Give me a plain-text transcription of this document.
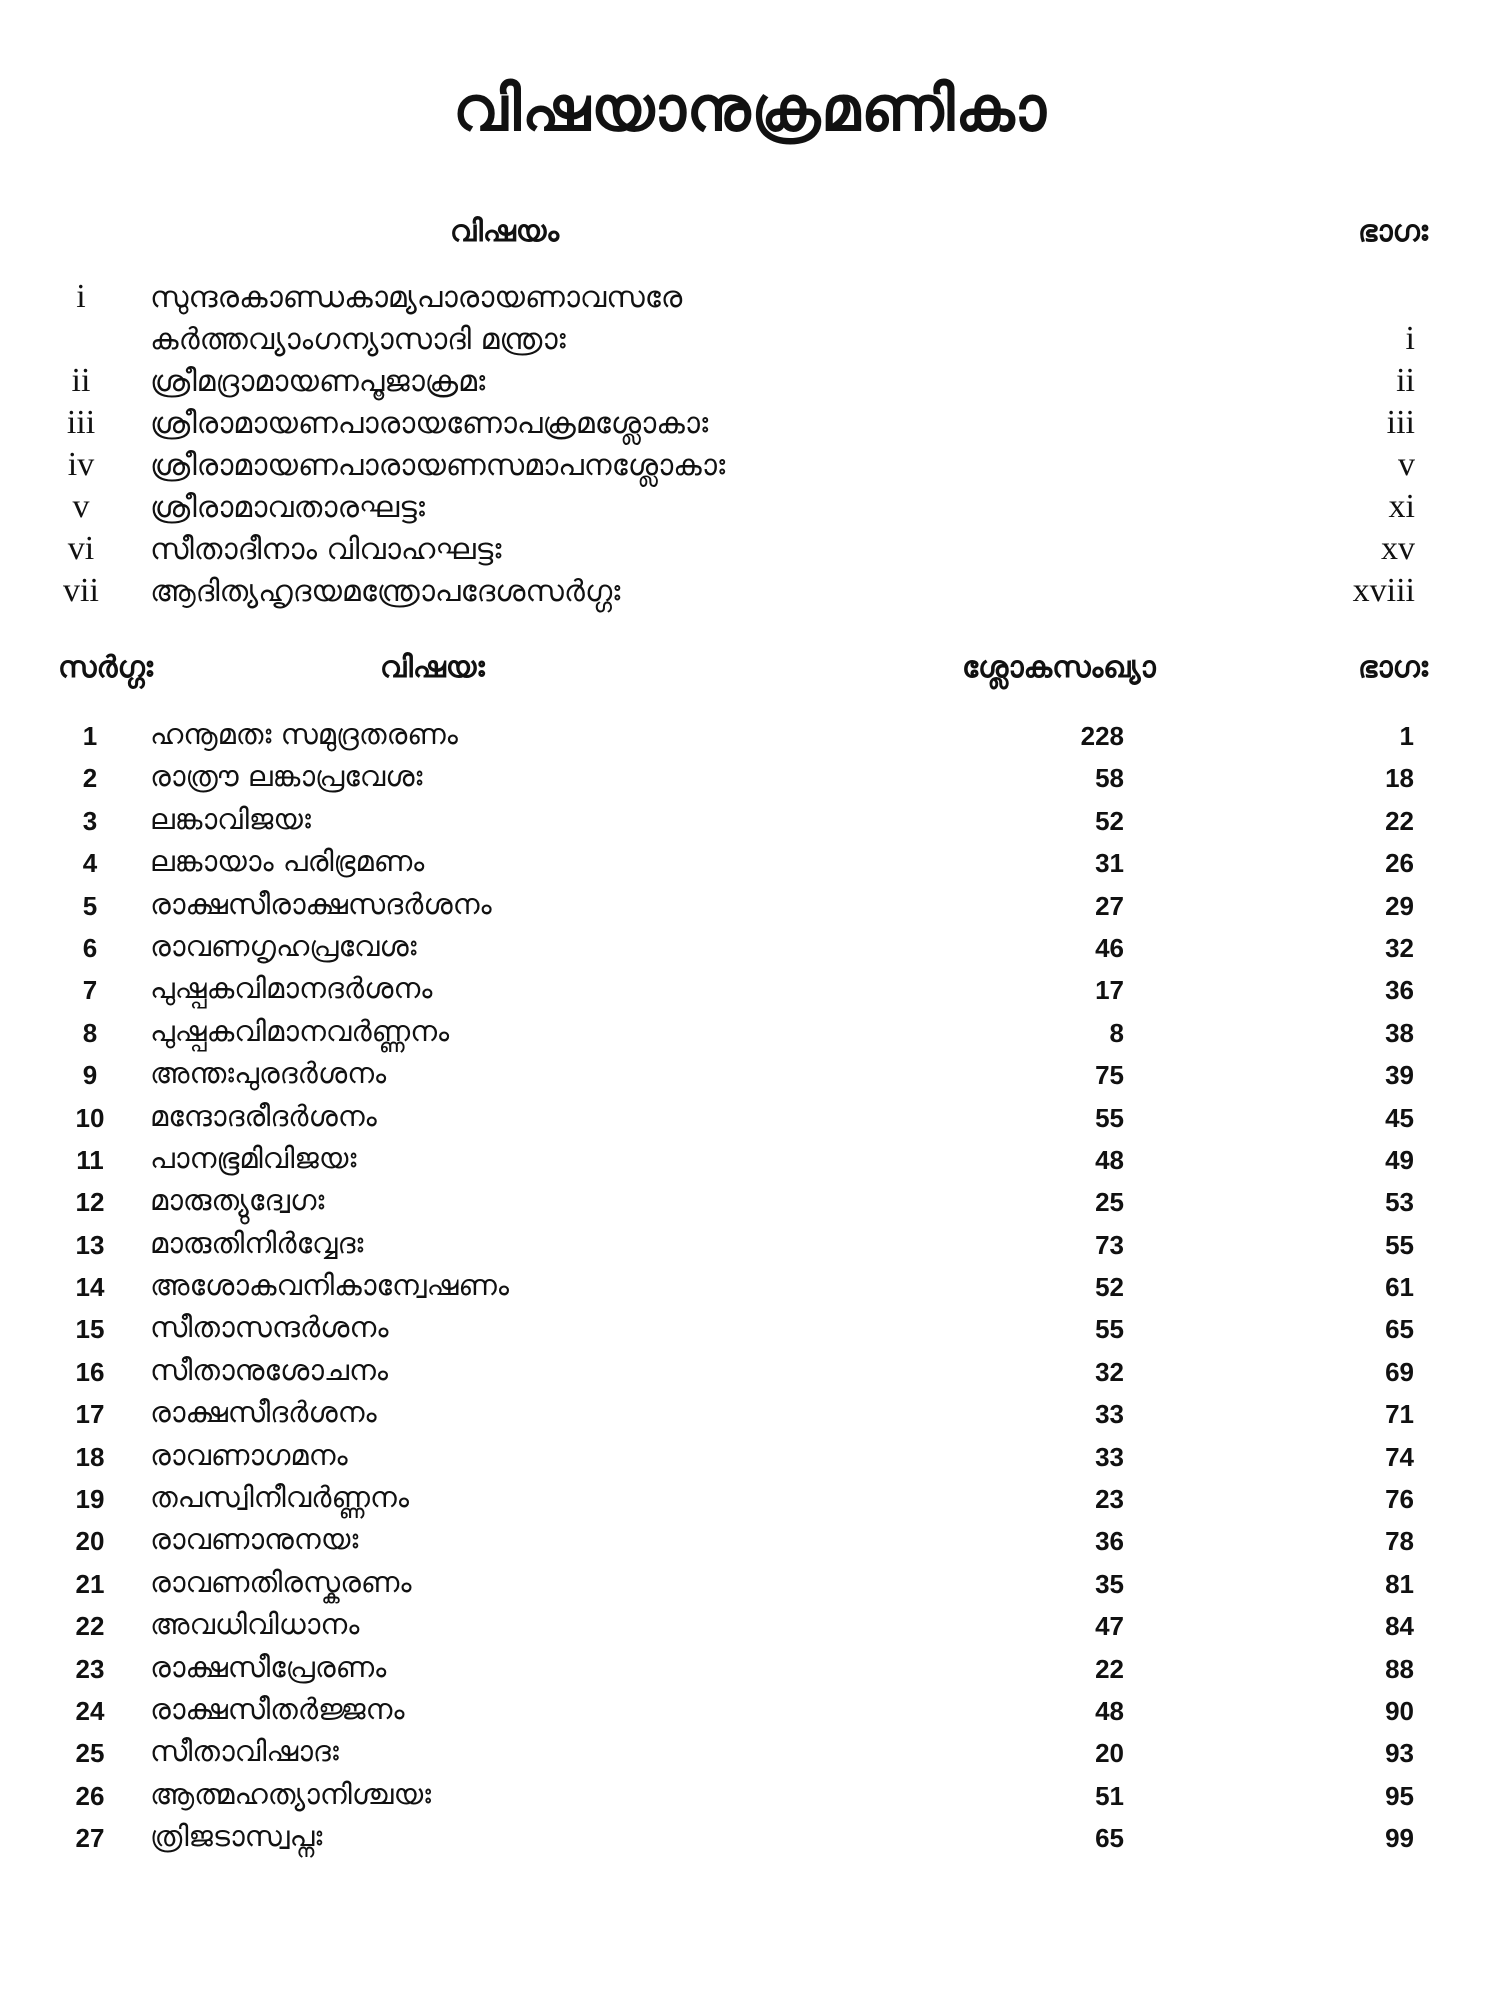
വിഷയാനുക്രമണികാ
വിഷയം	ഭാഗഃ
i	സുന്ദരകാണ്ഡകാമ്യപാരായണാവസരേ
കർത്തവ്യാംഗന്യാസാദി മന്ത്രാഃ	i
ii	ശ്രീമദ്രാമായണപൂജാക്രമഃ	ii
iii	ശ്രീരാമായണപാരായണോപക്രമശ്ലോകാഃ	iii
iv	ശ്രീരാമായണപാരായണസമാപനശ്ലോകാഃ	v
v	ശ്രീരാമാവതാരഘട്ടഃ	xi
vi	സീതാദീനാം വിവാഹഘട്ടഃ	xv
vii	ആദിത്യഹൃദയമന്ത്രോപദേശസർഗ്ഗഃ	xviii
സർഗ്ഗഃ	വിഷയഃ	ശ്ലോകസംഖ്യാ	ഭാഗഃ
1	ഹനൂമതഃ സമുദ്രതരണം	228	1
2	രാത്രൗ ലങ്കാപ്രവേശഃ	58	18
3	ലങ്കാവിജയഃ	52	22
4	ലങ്കായാം പരിഭ്രമണം	31	26
5	രാക്ഷസീരാക്ഷസദർശനം	27	29
6	രാവണഗൃഹപ്രവേശഃ	46	32
7	പുഷ്പകവിമാനദർശനം	17	36
8	പുഷ്പകവിമാനവർണ്ണനം	8	38
9	അന്തഃപുരദർശനം	75	39
10	മന്ദോദരീദർശനം	55	45
11	പാനഭൂമിവിജയഃ	48	49
12	മാരുത്യുദ്വേഗഃ	25	53
13	മാരുതിനിർവ്വേദഃ	73	55
14	അശോകവനികാന്വേഷണം	52	61
15	സീതാസന്ദർശനം	55	65
16	സീതാനുശോചനം	32	69
17	രാക്ഷസീദർശനം	33	71
18	രാവണാഗമനം	33	74
19	തപസ്വിനീവർണ്ണനം	23	76
20	രാവണാനുനയഃ	36	78
21	രാവണതിരസ്കരണം	35	81
22	അവധിവിധാനം	47	84
23	രാക്ഷസീപ്രേരണം	22	88
24	രാക്ഷസീതർജ്ജനം	48	90
25	സീതാവിഷാദഃ	20	93
26	ആത്മഹത്യാനിശ്ചയഃ	51	95
27	ത്രിജടാസ്വപ്നഃ	65	99
